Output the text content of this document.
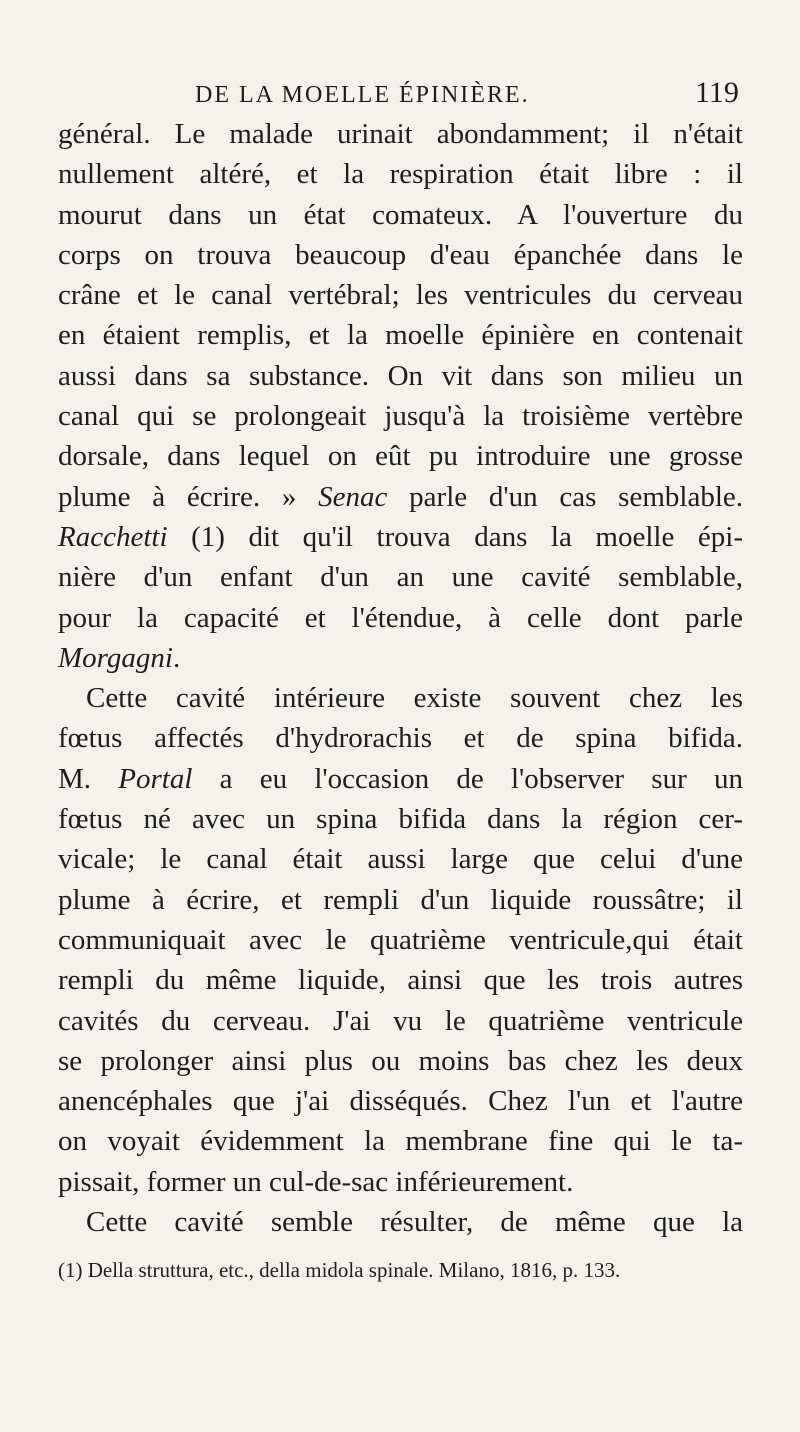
DE LA MOELLE ÉPINIÈRE.	119
général. Le malade urinait abondamment; il n'était
nullement altéré, et la respiration était libre : il
mourut dans un état comateux. A l'ouverture du
corps on trouva beaucoup d'eau épanchée dans le
crâne et le canal vertébral; les ventricules du cerveau
en étaient remplis, et la moelle épinière en contenait
aussi dans sa substance. On vit dans son milieu un
canal qui se prolongeait jusqu'à la troisième vertèbre
dorsale, dans lequel on eût pu introduire une grosse
plume à écrire. » Senac parle d'un cas semblable.
Racchetti (1) dit qu'il trouva dans la moelle épi-
nière d'un enfant d'un an une cavité semblable,
pour la capacité et l'étendue, à celle dont parle
Morgagni.
Cette cavité intérieure existe souvent chez les
fœtus affectés d'hydrorachis et de spina bifida.
M. Portal a eu l'occasion de l'observer sur un
fœtus né avec un spina bifida dans la région cer-
vicale; le canal était aussi large que celui d'une
plume à écrire, et rempli d'un liquide roussâtre; il
communiquait avec le quatrième ventricule,qui était
rempli du même liquide, ainsi que les trois autres
cavités du cerveau. J'ai vu le quatrième ventricule
se prolonger ainsi plus ou moins bas chez les deux
anencéphales que j'ai disséqués. Chez l'un et l'autre
on voyait évidemment la membrane fine qui le ta-
pissait, former un cul-de-sac inférieurement.
Cette cavité semble résulter, de même que la
(1) Della struttura, etc., della midola spinale. Milano, 1816, p. 133.
